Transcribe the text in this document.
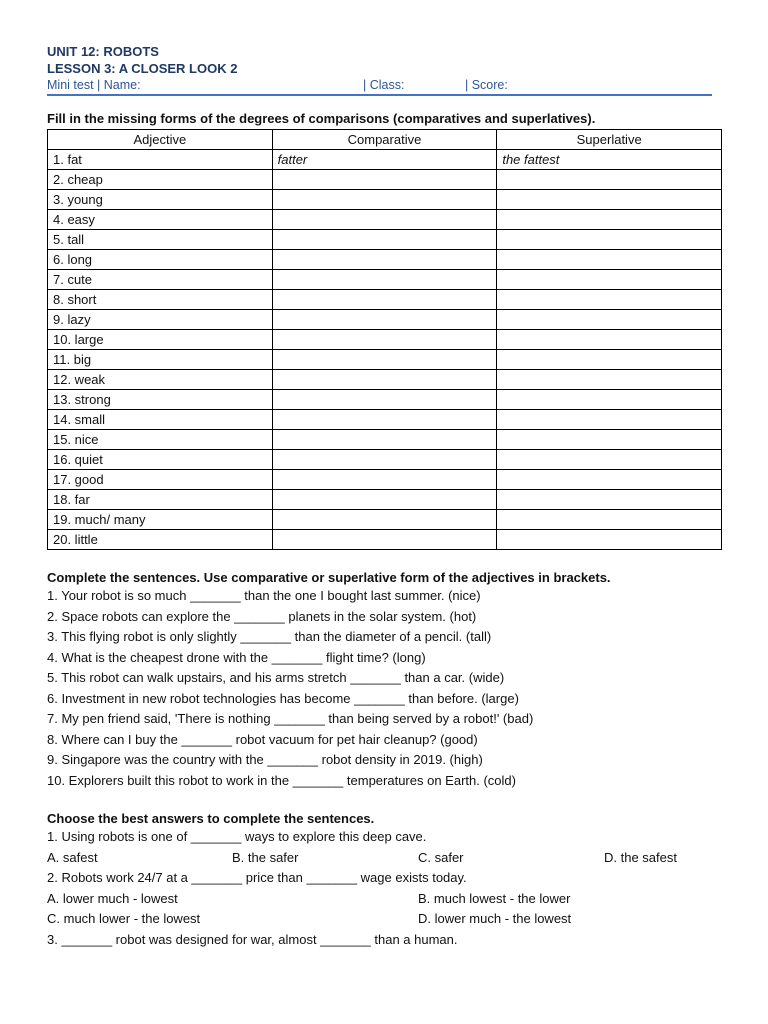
UNIT 12: ROBOTS
LESSON 3: A CLOSER LOOK 2
Mini test | Name:	| Class:	| Score:
Fill in the missing forms of the degrees of comparisons (comparatives and superlatives).
Adjective	Comparative	Superlative
1. fat	fatter	the fattest
2. cheap		
3. young		
4. easy		
5. tall		
6. long		
7. cute		
8. short		
9. lazy		
10. large		
11. big		
12. weak		
13. strong		
14. small		
15. nice		
16. quiet		
17. good		
18. far		
19. much/ many		
20. little		
Complete the sentences. Use comparative or superlative form of the adjectives in brackets.
1. Your robot is so much _______ than the one I bought last summer. (nice)
2. Space robots can explore the _______ planets in the solar system. (hot)
3. This flying robot is only slightly _______ than the diameter of a pencil. (tall)
4. What is the cheapest drone with the _______ flight time? (long)
5. This robot can walk upstairs, and his arms stretch _______ than a car. (wide)
6. Investment in new robot technologies has become _______ than before. (large)
7. My pen friend said, 'There is nothing _______ than being served by a robot!' (bad)
8. Where can I buy the _______ robot vacuum for pet hair cleanup? (good)
9. Singapore was the country with the _______ robot density in 2019. (high)
10. Explorers built this robot to work in the _______ temperatures on Earth. (cold)
Choose the best answers to complete the sentences.
1. Using robots is one of _______ ways to explore this deep cave.
A. safest	B. the safer	C. safer	D. the safest
2. Robots work 24/7 at a _______ price than _______ wage exists today.
A. lower much - lowest	B. much lowest - the lower
C. much lower - the lowest	D. lower much - the lowest
3. _______ robot was designed for war, almost _______ than a human.
